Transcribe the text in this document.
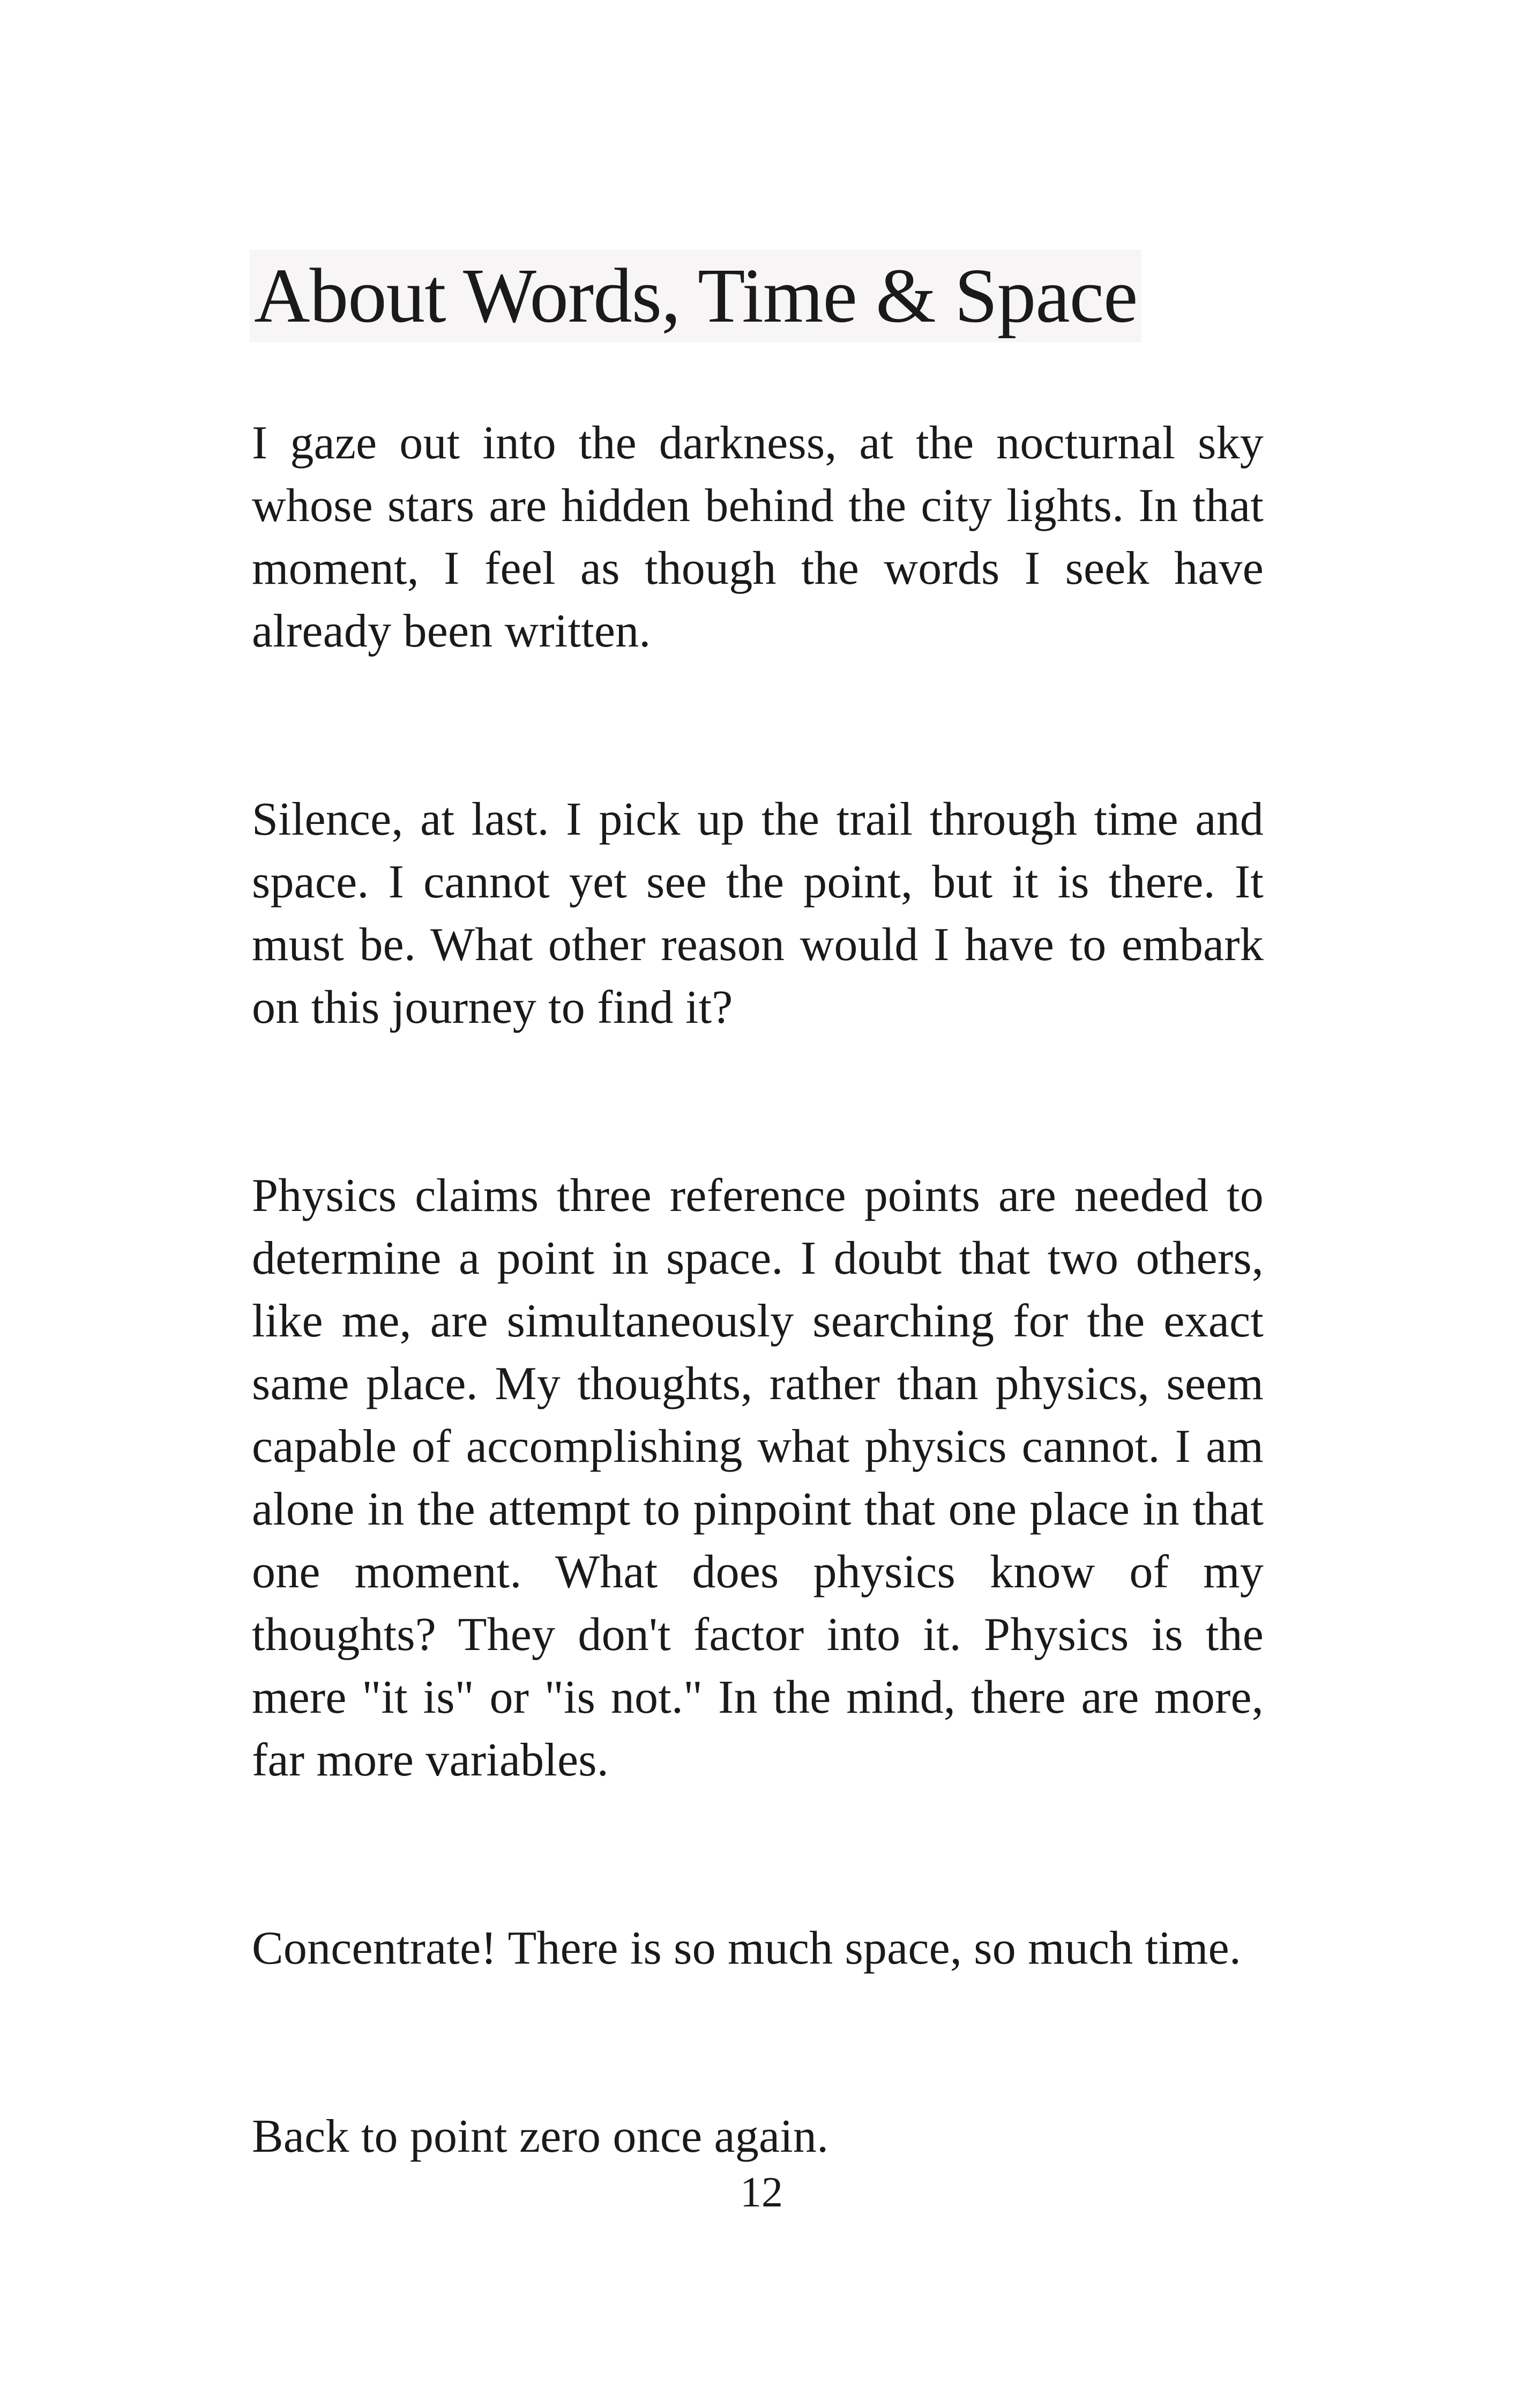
About Words, Time & Space

I gaze out into the darkness, at the nocturnal sky whose stars are hidden behind the city lights. In that moment, I feel as though the words I seek have already been written.

Silence, at last. I pick up the trail through time and space. I cannot yet see the point, but it is there. It must be. What other reason would I have to embark on this journey to find it?

Physics claims three reference points are needed to determine a point in space. I doubt that two others, like me, are simultaneously searching for the exact same place. My thoughts, rather than physics, seem capable of accomplishing what physics cannot. I am alone in the attempt to pinpoint that one place in that one moment. What does physics know of my thoughts? They don't factor into it. Physics is the mere "it is" or "is not." In the mind, there are more, far more variables.

Concentrate! There is so much space, so much time.

Back to point zero once again.

12
